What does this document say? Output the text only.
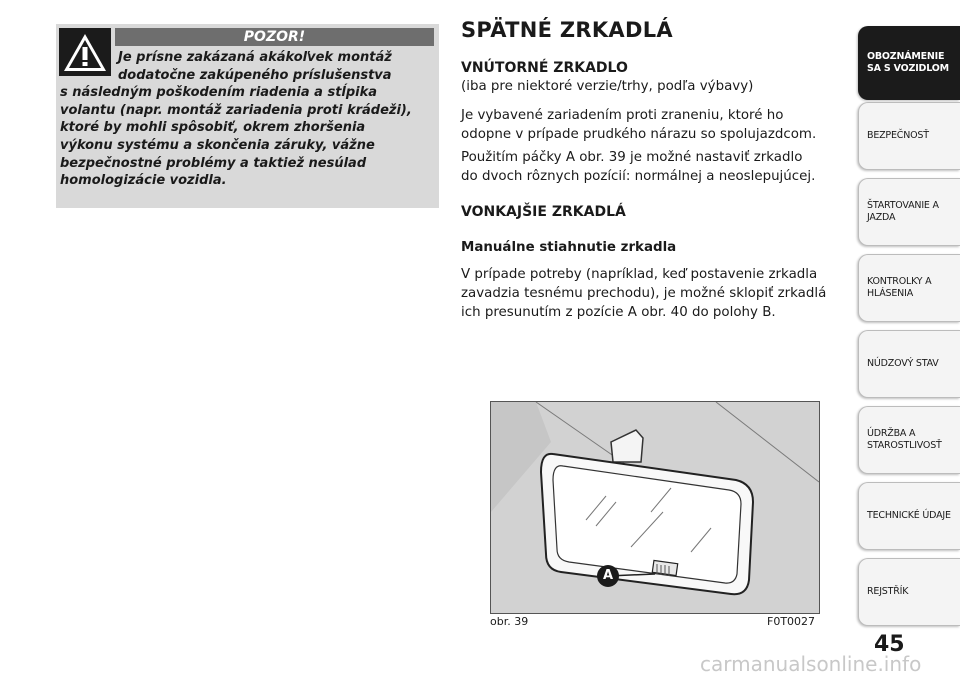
POZOR!
Je prísne zakázaná akákoľvek montáž
dodatočne zakúpeného príslušenstva
s následným poškodením riadenia a stĺpika
volantu (napr. montáž zariadenia proti krádeži),
ktoré by mohli spôsobiť, okrem zhoršenia
výkonu systému a skončenia záruky, vážne
bezpečnostné problémy a taktiež nesúlad
homologizácie vozidla.
SPÄTNÉ ZRKADLÁ
VNÚTORNÉ ZRKADLO

(iba pre niektoré verzie/trhy, podľa výbavy)

Je vybavené zariadením proti zraneniu, ktoré ho
odopne v prípade prudkého nárazu so spolujazdcom.

Použitím páčky A obr. 39 je možné nastaviť zrkadlo
do dvoch rôznych pozícií: normálnej a neoslepujúcej.

VONKAJŠIE ZRKADLÁ
Manuálne stiahnutie zrkadla

V prípade potreby (napríklad, keď postavenie zrkadla
zavadzia tesnému prechodu), je možné sklopiť zrkadlá
ich presunutím z pozície A obr. 40 do polohy B.

A
obr. 39	F0T0027
OBOZNÁMENIE
SA S VOZIDLOM
BEZPEČNOSŤ
ŠTARTOVANIE A
JAZDA
KONTROLKY A
HLÁSENIA
NÚDZOVÝ STAV
ÚDRŽBA A
STAROSTLIVOSŤ
TECHNICKÉ ÚDAJE
REJSTŘÍK
45
carmanualsonline.info
